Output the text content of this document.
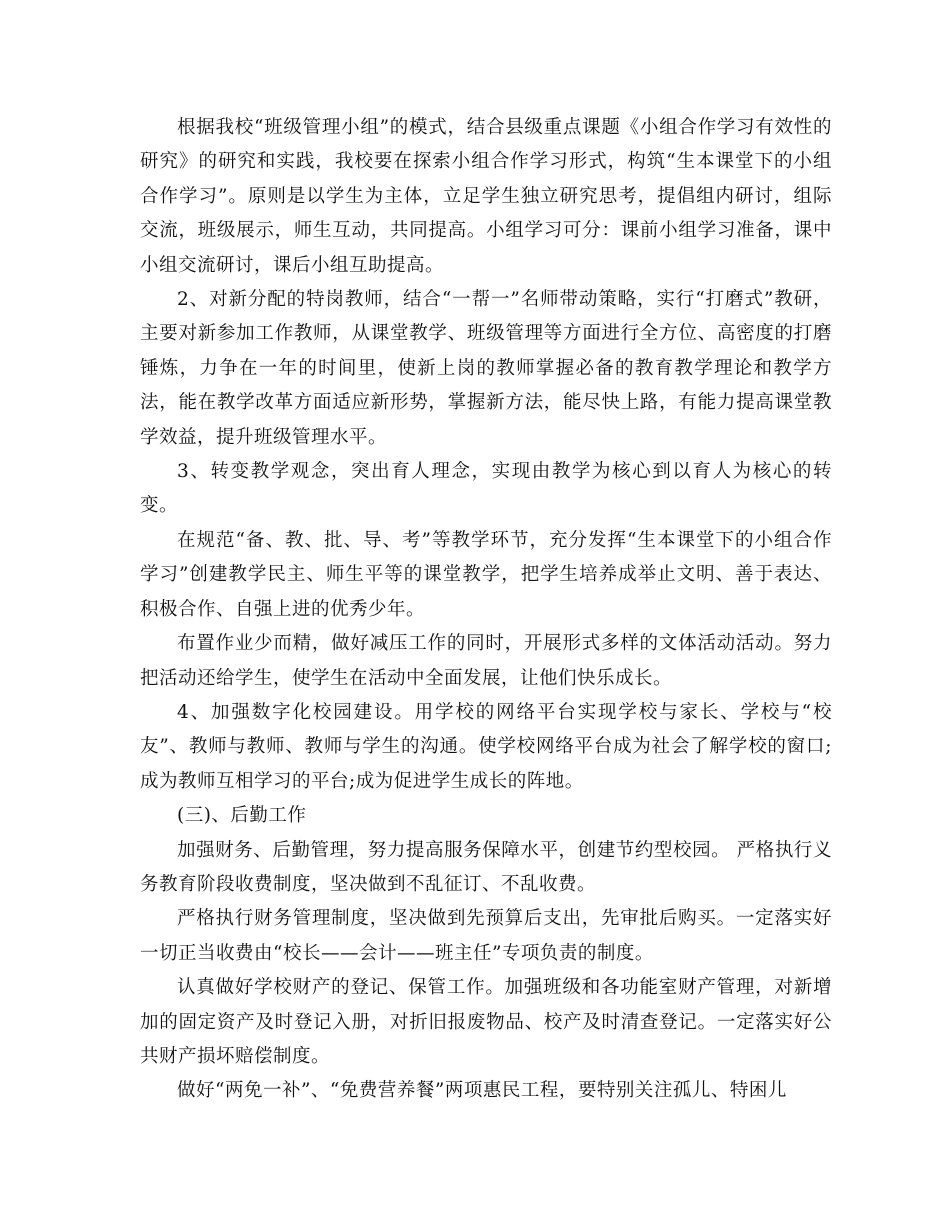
根据我校“班级管理小组”的模式，结合县级重点课题《小组合作学习有效性的研究》的研究和实践，我校要在探索小组合作学习形式，构筑“生本课堂下的小组合作学习”。原则是以学生为主体，立足学生独立研究思考，提倡组内研讨，组际交流，班级展示，师生互动，共同提高。小组学习可分：课前小组学习准备，课中小组交流研讨，课后小组互助提高。

2、对新分配的特岗教师，结合“一帮一”名师带动策略，实行“打磨式”教研，主要对新参加工作教师，从课堂教学、班级管理等方面进行全方位、高密度的打磨锤炼，力争在一年的时间里，使新上岗的教师掌握必备的教育教学理论和教学方法，能在教学改革方面适应新形势，掌握新方法，能尽快上路，有能力提高课堂教学效益，提升班级管理水平。

3、转变教学观念，突出育人理念，实现由教学为核心到以育人为核心的转变。

在规范“备、教、批、导、考”等教学环节，充分发挥“生本课堂下的小组合作学习”创建教学民主、师生平等的课堂教学，把学生培养成举止文明、善于表达、积极合作、自强上进的优秀少年。

布置作业少而精，做好减压工作的同时，开展形式多样的文体活动活动。努力把活动还给学生，使学生在活动中全面发展，让他们快乐成长。

4、加强数字化校园建设。用学校的网络平台实现学校与家长、学校与“校友”、教师与教师、教师与学生的沟通。使学校网络平台成为社会了解学校的窗口;成为教师互相学习的平台;成为促进学生成长的阵地。

(三)、后勤工作

加强财务、后勤管理，努力提高服务保障水平，创建节约型校园。 严格执行义务教育阶段收费制度，坚决做到不乱征订、不乱收费。

严格执行财务管理制度，坚决做到先预算后支出，先审批后购买。一定落实好一切正当收费由“校长——会计——班主任”专项负责的制度。

认真做好学校财产的登记、保管工作。加强班级和各功能室财产管理，对新增加的固定资产及时登记入册，对折旧报废物品、校产及时清查登记。一定落实好公共财产损坏赔偿制度。

做好“两免一补”、“免费营养餐”两项惠民工程，要特别关注孤儿、特困儿
